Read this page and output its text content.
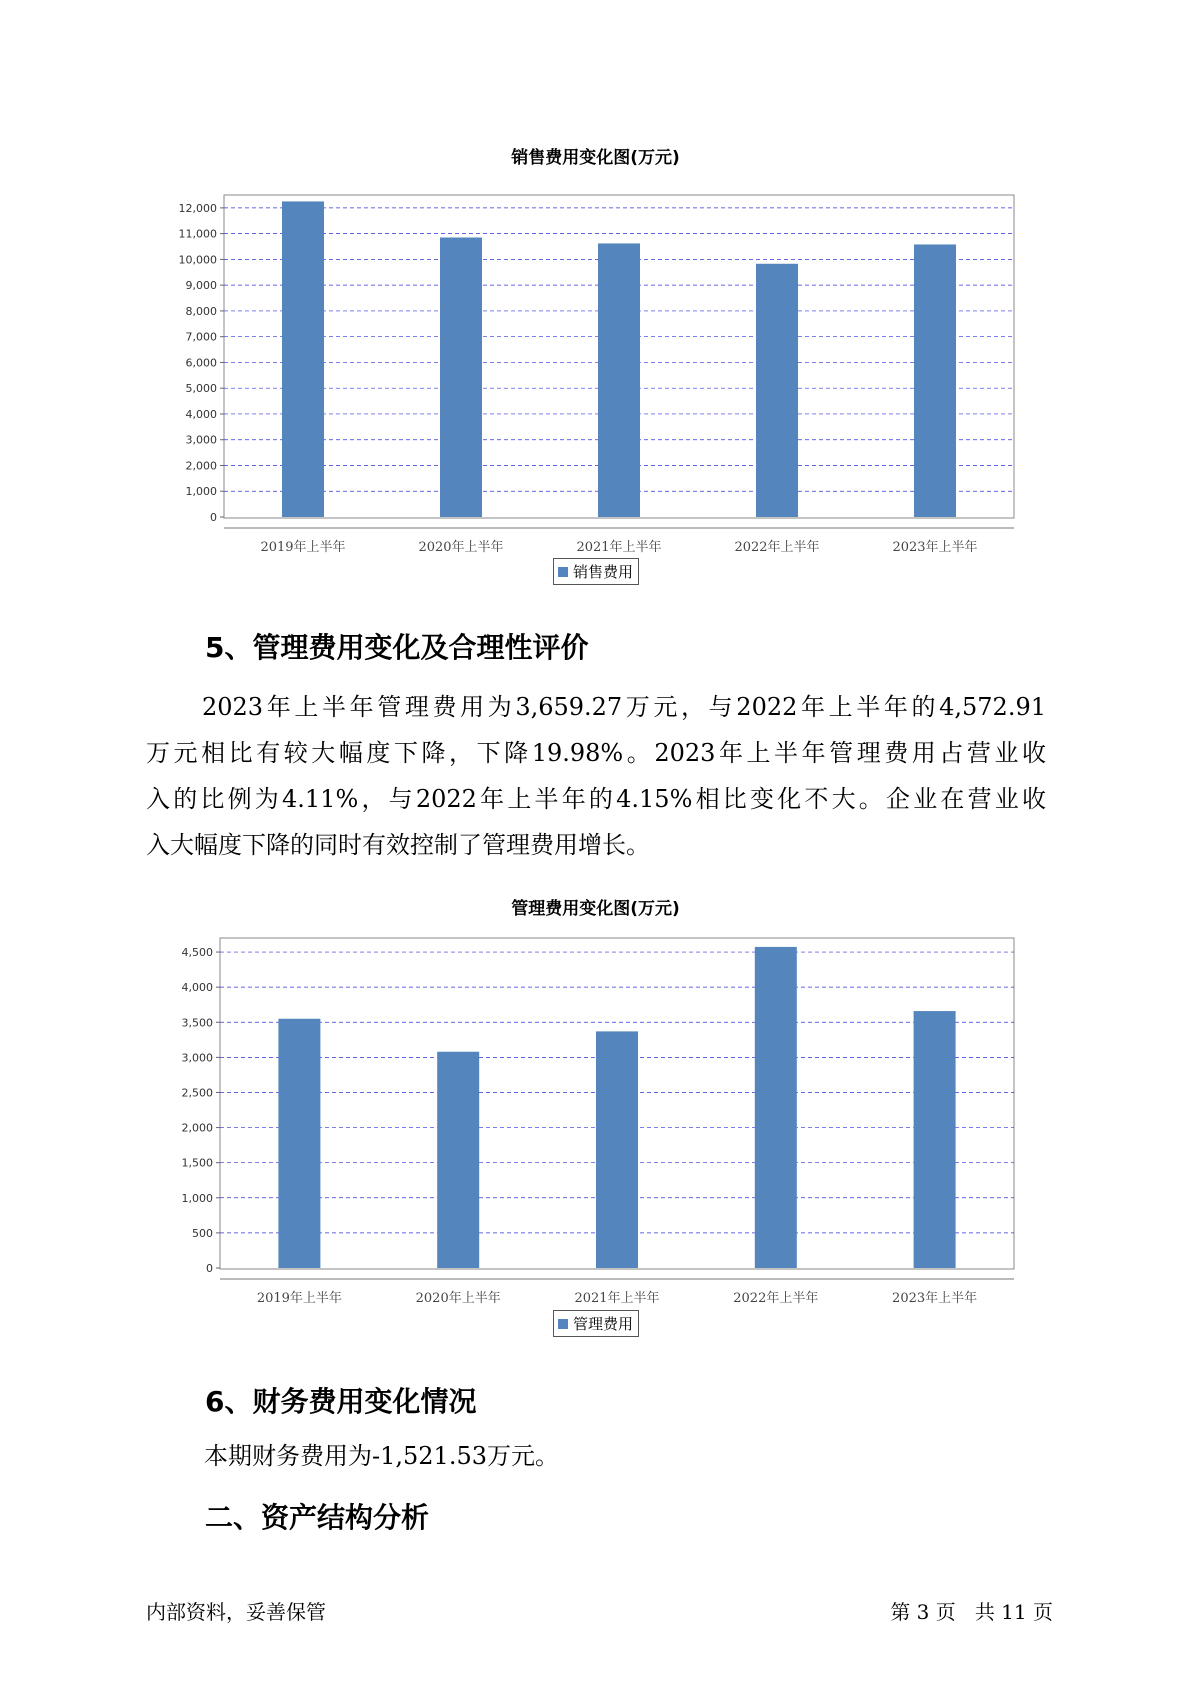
销售费用变化图(万元)
0
1,000
2,000
3,000
4,000
5,000
6,000
7,000
8,000
9,000
10,000
11,000
12,000
2019年上半年	2020年上半年	2021年上半年	2022年上半年	2023年上半年
销售费用
5、管理费用变化及合理性评价
2023年上半年管理费用为3,659.27万元，与2022年上半年的4,572.91
万元相比有较大幅度下降，下降19.98%。2023年上半年管理费用占营业收
入的比例为4.11%，与2022年上半年的4.15%相比变化不大。企业在营业收
入大幅度下降的同时有效控制了管理费用增长。
管理费用变化图(万元)
0
500
1,000
1,500
2,000
2,500
3,000
3,500
4,000
4,500
2019年上半年	2020年上半年	2021年上半年	2022年上半年	2023年上半年
管理费用
6、财务费用变化情况
本期财务费用为-1,521.53万元。
二、资产结构分析
内部资料，妥善保管	第 3 页   共 11 页
